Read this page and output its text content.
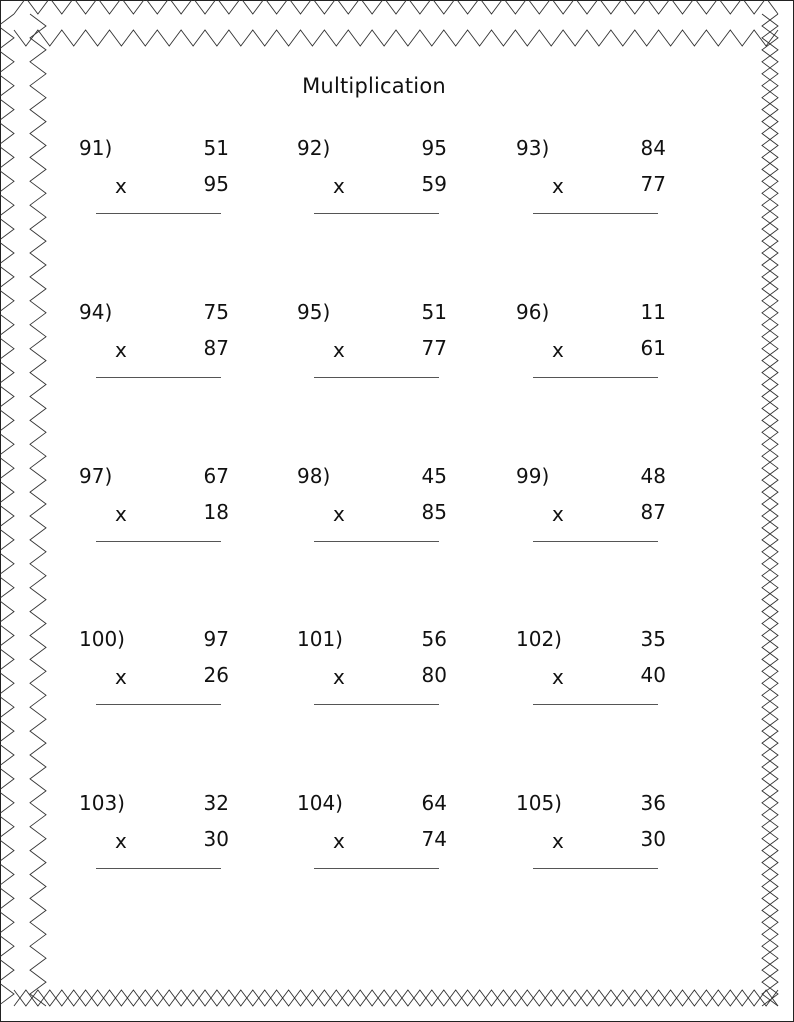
Multiplication
91)	51
x	95
92)	95
x	59
93)	84
x	77
94)	75
x	87
95)	51
x	77
96)	11
x	61
97)	67
x	18
98)	45
x	85
99)	48
x	87
100)	97
x	26
101)	56
x	80
102)	35
x	40
103)	32
x	30
104)	64
x	74
105)	36
x	30
